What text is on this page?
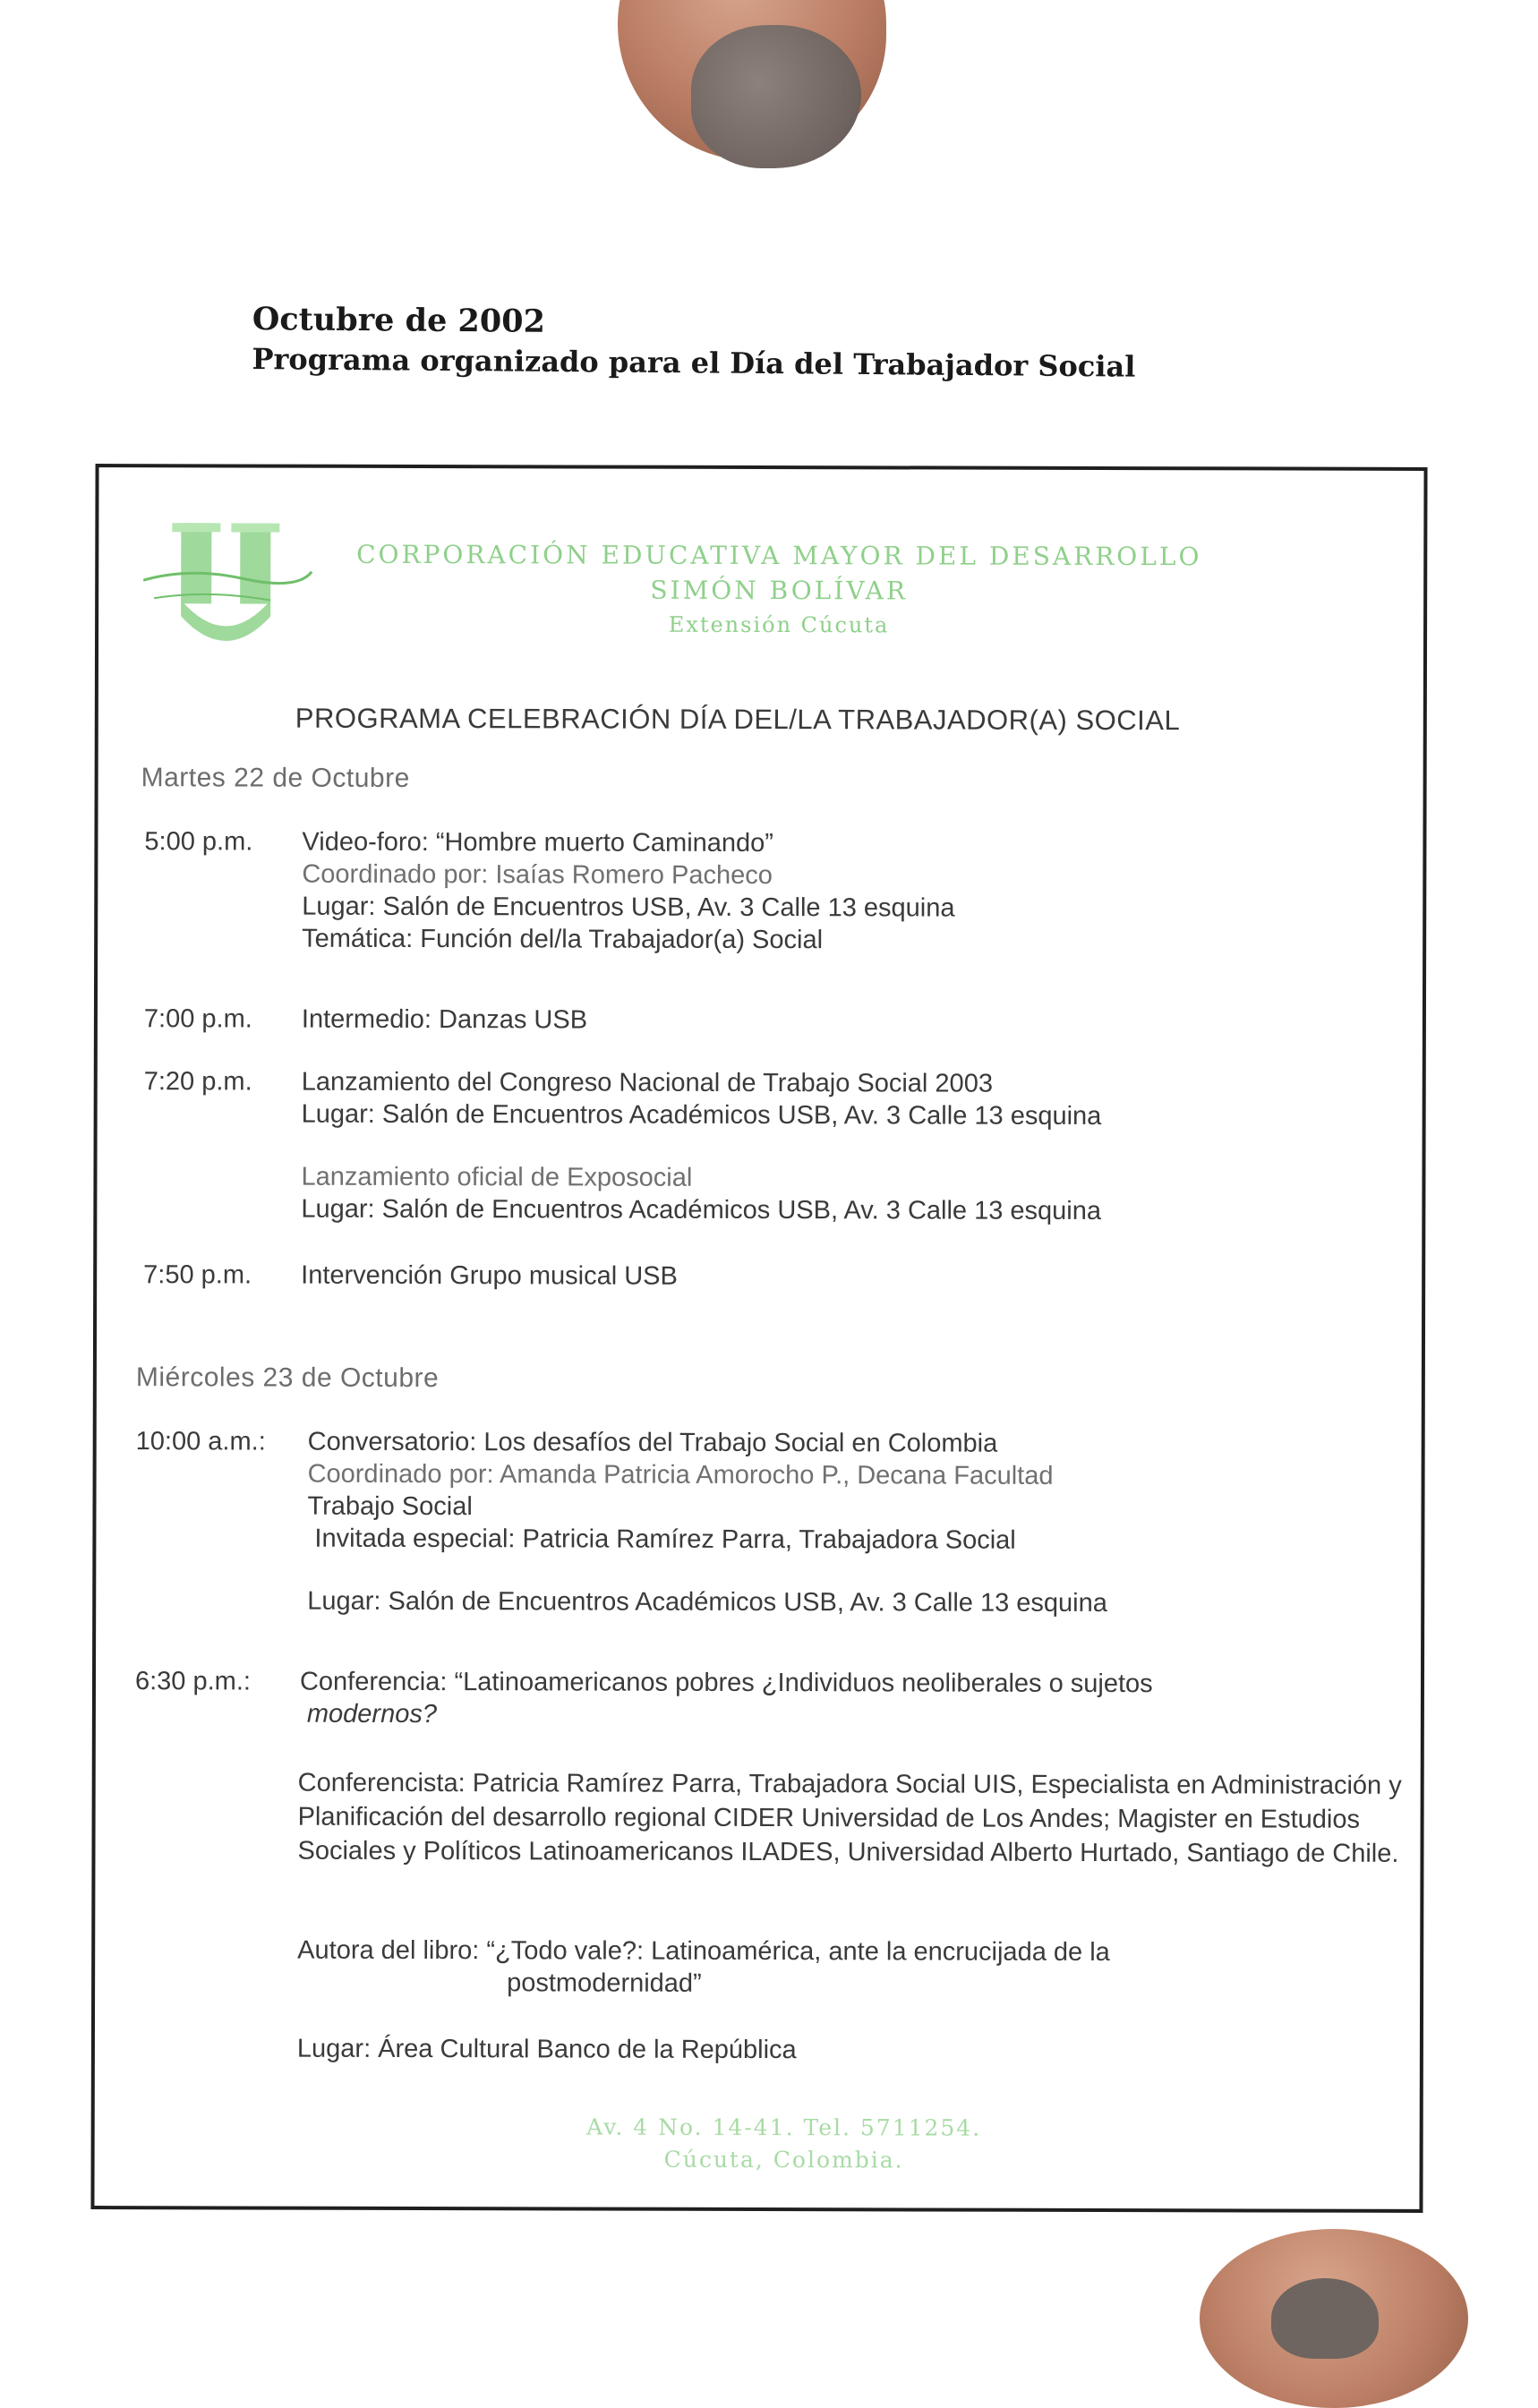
Octubre de 2002
Programa organizado para el Día del Trabajador Social
CORPORACIÓN EDUCATIVA MAYOR DEL DESARROLLO
SIMÓN BOLÍVAR
Extensión Cúcuta
PROGRAMA CELEBRACIÓN DÍA DEL/LA TRABAJADOR(A) SOCIAL
Martes 22 de Octubre
5:00 p.m. Video-foro: “Hombre muerto Caminando”
Coordinado por: Isaías Romero Pacheco
Lugar: Salón de Encuentros USB, Av. 3 Calle 13 esquina
Temática: Función del/la Trabajador(a) Social
7:00 p.m. Intermedio: Danzas USB
7:20 p.m. Lanzamiento del Congreso Nacional de Trabajo Social 2003
Lugar: Salón de Encuentros Académicos USB, Av. 3 Calle 13 esquina
Lanzamiento oficial de Exposocial
Lugar: Salón de Encuentros Académicos USB, Av. 3 Calle 13 esquina
7:50 p.m. Intervención Grupo musical USB
Miércoles 23 de Octubre
10:00 a.m.: Conversatorio: Los desafíos del Trabajo Social en Colombia
Coordinado por: Amanda Patricia Amorocho P., Decana Facultad
Trabajo Social
Invitada especial: Patricia Ramírez Parra, Trabajadora Social
Lugar: Salón de Encuentros Académicos USB, Av. 3 Calle 13 esquina
6:30 p.m.: Conferencia: “Latinoamericanos pobres ¿Individuos neoliberales o sujetos
modernos?
Conferencista: Patricia Ramírez Parra, Trabajadora Social UIS, Especialista en Administración y Planificación del desarrollo regional CIDER Universidad de Los Andes; Magister en Estudios Sociales y Políticos Latinoamericanos ILADES, Universidad Alberto Hurtado, Santiago de Chile.
Autora del libro: “¿Todo vale?: Latinoamérica, ante la encrucijada de la
postmodernidad”
Lugar: Área Cultural Banco de la República
Av. 4 No. 14-41. Tel. 5711254.
Cúcuta, Colombia.
